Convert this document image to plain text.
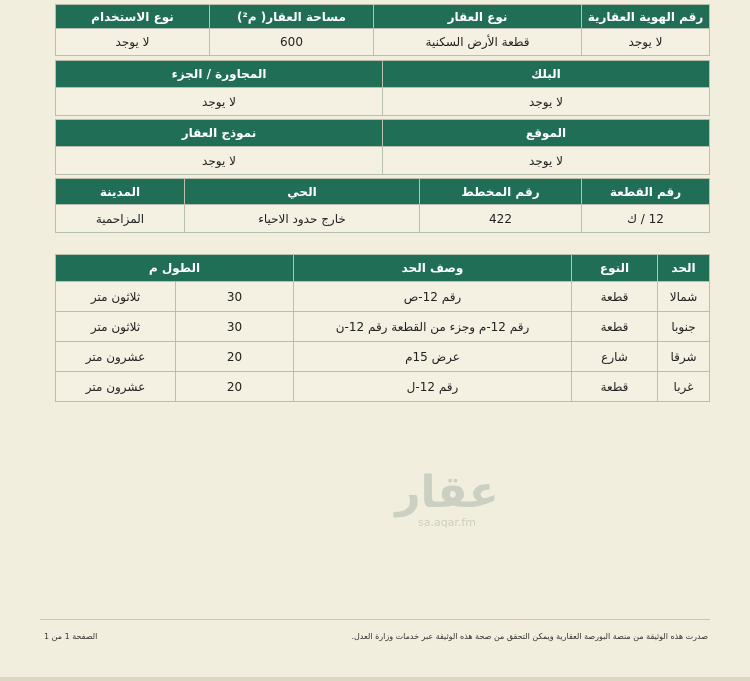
رقم الهوية العقارية	نوع العقار	مساحة العقار( م²)	نوع الاستخدام
لا يوجد	قطعة الأرض السكنية	600	لا يوجد
البلك	المجاورة / الجزء
لا يوجد	لا يوجد
الموقع	نموذج العقار
لا يوجد	لا يوجد
رقم القطعة	رقم المخطط	الحي	المدينة
12 / ك	422	خارج حدود الاحياء	المزاحمية
الحد	النوع	وصف الحد	الطول م	
شمالا	قطعة	رقم 12-ص	30	ثلاثون متر
جنوبا	قطعة	رقم 12-م وجزء من القطعة رقم 12-ن	30	ثلاثون متر
شرقا	شارع	عرض 15م	20	عشرون متر
غربا	قطعة	رقم 12-ل	20	عشرون متر
عقار
sa.aqar.fm
صدرت هذه الوثيقة من منصة البورصة العقارية ويمكن التحقق من صحة هذه الوثيقة عبر خدمات وزارة العدل.
الصفحة 1 من 1
